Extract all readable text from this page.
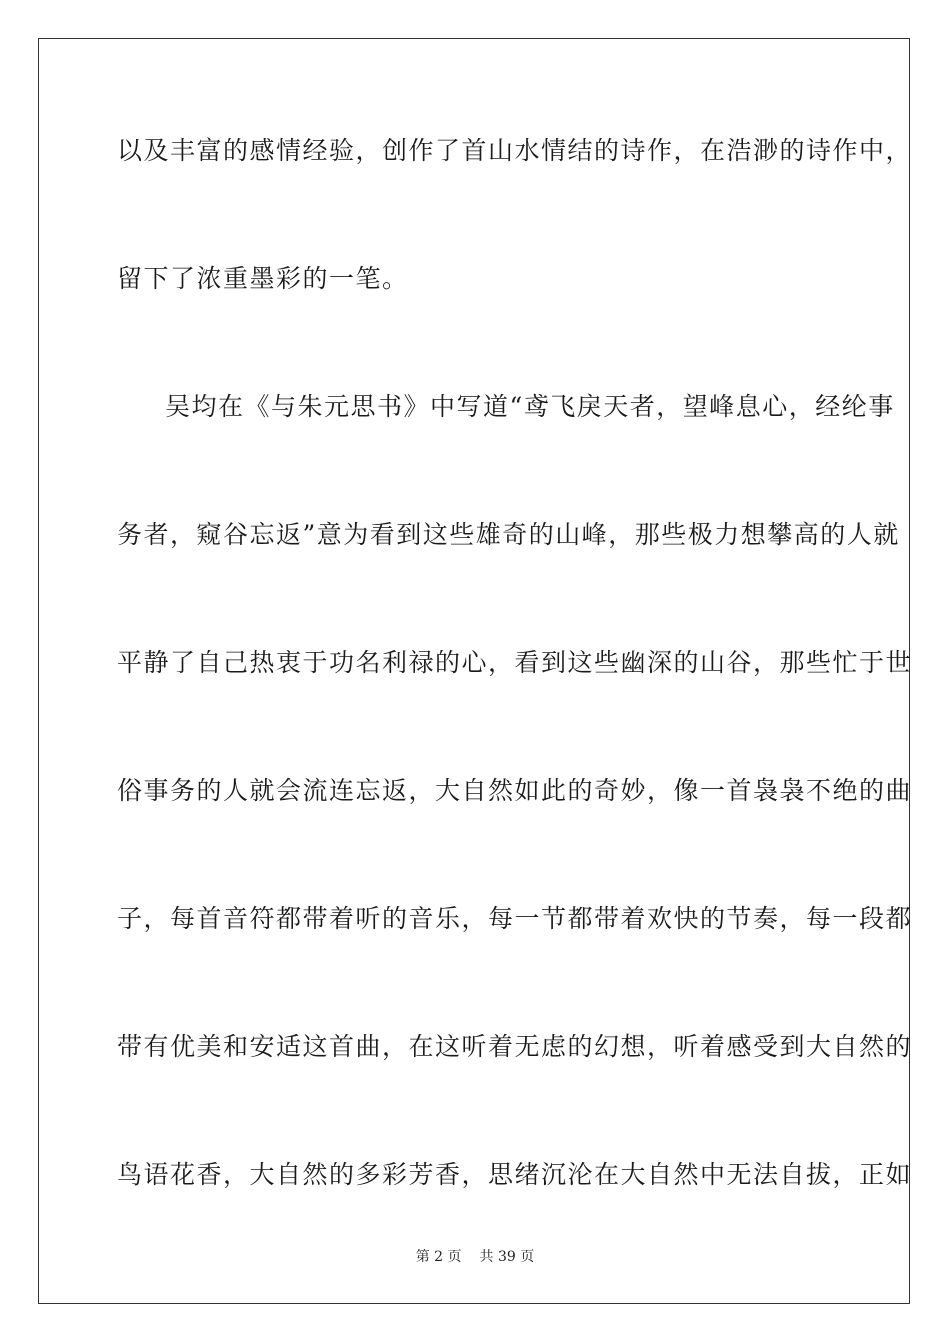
以及丰富的感情经验，创作了首山水情结的诗作，在浩渺的诗作中，
留下了浓重墨彩的一笔。
吴均在《与朱元思书》中写道“鸢飞戾天者，望峰息心，经纶事
务者，窥谷忘返”意为看到这些雄奇的山峰，那些极力想攀高的人就
平静了自己热衷于功名利禄的心，看到这些幽深的山谷，那些忙于世
俗事务的人就会流连忘返，大自然如此的奇妙，像一首袅袅不绝的曲
子，每首音符都带着听的音乐，每一节都带着欢快的节奏，每一段都
带有优美和安适这首曲，在这听着无虑的幻想，听着感受到大自然的
鸟语花香，大自然的多彩芳香，思绪沉沦在大自然中无法自拔，正如
第 2 页 共 39 页
